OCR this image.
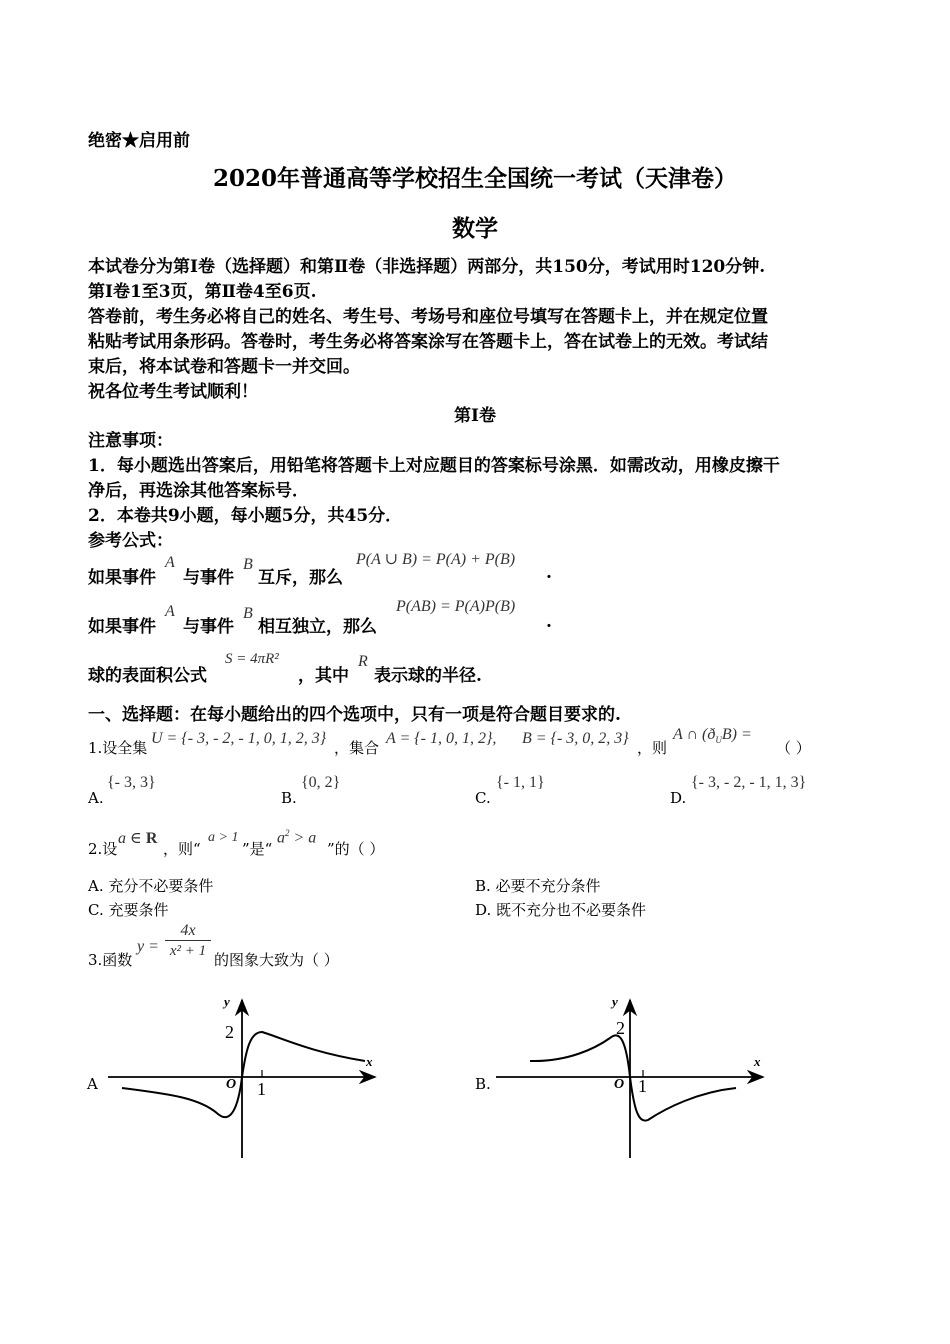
绝密★启用前
2020年普通高等学校招生全国统一考试（天津卷）
数学
本试卷分为第Ⅰ卷（选择题）和第Ⅱ卷（非选择题）两部分，共150分，考试用时120分钟.
第Ⅰ卷1至3页，第Ⅱ卷4至6页.
答卷前，考生务必将自己的姓名、考生号、考场号和座位号填写在答题卡上，并在规定位置
粘贴考试用条形码。答卷时，考生务必将答案涂写在答题卡上，答在试卷上的无效。考试结
束后，将本试卷和答题卡一并交回。
祝各位考生考试顺利！
第I卷
注意事项：
1．每小题选出答案后，用铅笔将答题卡上对应题目的答案标号涂黑．如需改动，用橡皮擦干
净后，再选涂其他答案标号．
2．本卷共9小题，每小题5分，共45分．
参考公式：
如果事件
A
与事件
B
互斥，那么
P(A ∪ B) = P(A) + P(B)
.
如果事件
A
与事件
B
相互独立，那么
P(AB) = P(A)P(B)
.
球的表面积公式
S = 4πR²
，其中
R
表示球的半径.
一、选择题：在每小题给出的四个选项中，只有一项是符合题目要求的.
1.设全集
U = {- 3, - 2, - 1, 0, 1, 2, 3}
，集合
A = {- 1, 0, 1, 2}, B = {- 3, 0, 2, 3}
，则
A ∩ $(ð_UB)$ =
（ ）
A.
{- 3, 3}
B.
{0, 2}
C.
{- 1, 1}
D.
{- 3, - 2, - 1, 1, 3}
2.设
a ∈ R
，则“
a > 1
”是“
$a^2 > a$
”的（ ）
A. 充分不必要条件	B. 必要不充分条件
C. 充要条件	D. 既不充分也不必要条件
3.函数
$y = \frac{4x}{\text{x² + 1}}$ 的图象大致为（ ）
A
y
x
O 1
2
B.
y
x
O 1
2
